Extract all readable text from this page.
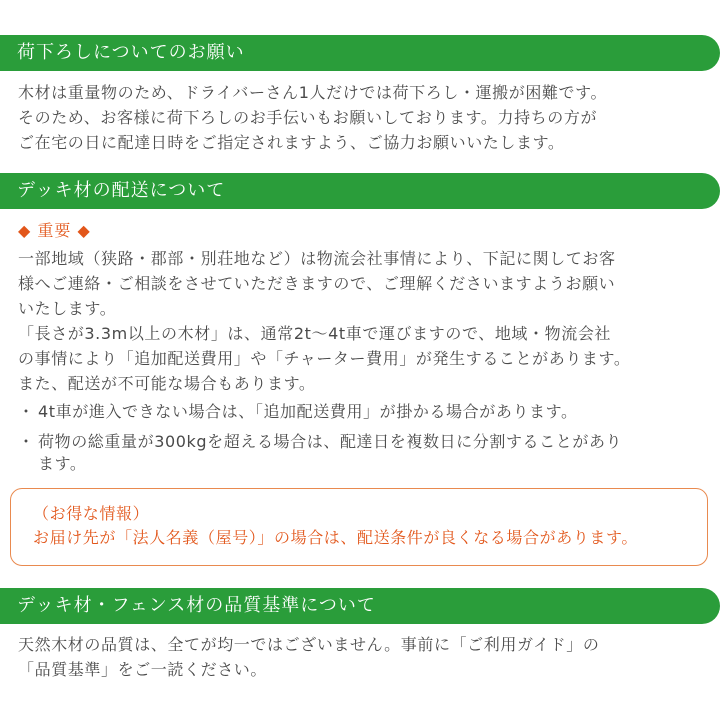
荷下ろしについてのお願い

木材は重量物のため、ドライバーさん1人だけでは荷下ろし・運搬が困難です。

そのため、お客様に荷下ろしのお手伝いもお願いしております。力持ちの方が

ご在宅の日に配達日時をご指定されますよう、ご協力お願いいたします。

デッキ材の配送について
◆ 重要 ◆

一部地域（狭路・郡部・別荘地など）は物流会社事情により、下記に関してお客

様へご連絡・ご相談をさせていただきますので、ご理解くださいますようお願い

いたします。

「長さが3.3m以上の木材」は、通常2t〜4t車で運びますので、地域・物流会社

の事情により「追加配送費用」や「チャーター費用」が発生することがあります。

また、配送が不可能な場合もあります。

・ 4t車が進入できない場合は、「追加配送費用」が掛かる場合があります。
・ 荷物の総重量が300kgを超える場合は、配達日を複数日に分割することがあり
ます。
（お得な情報）
お届け先が「法人名義（屋号）」の場合は、配送条件が良くなる場合があります。
デッキ材・フェンス材の品質基準について

天然木材の品質は、全てが均一ではございません。事前に「ご利用ガイド」の

「品質基準」をご一読ください。
